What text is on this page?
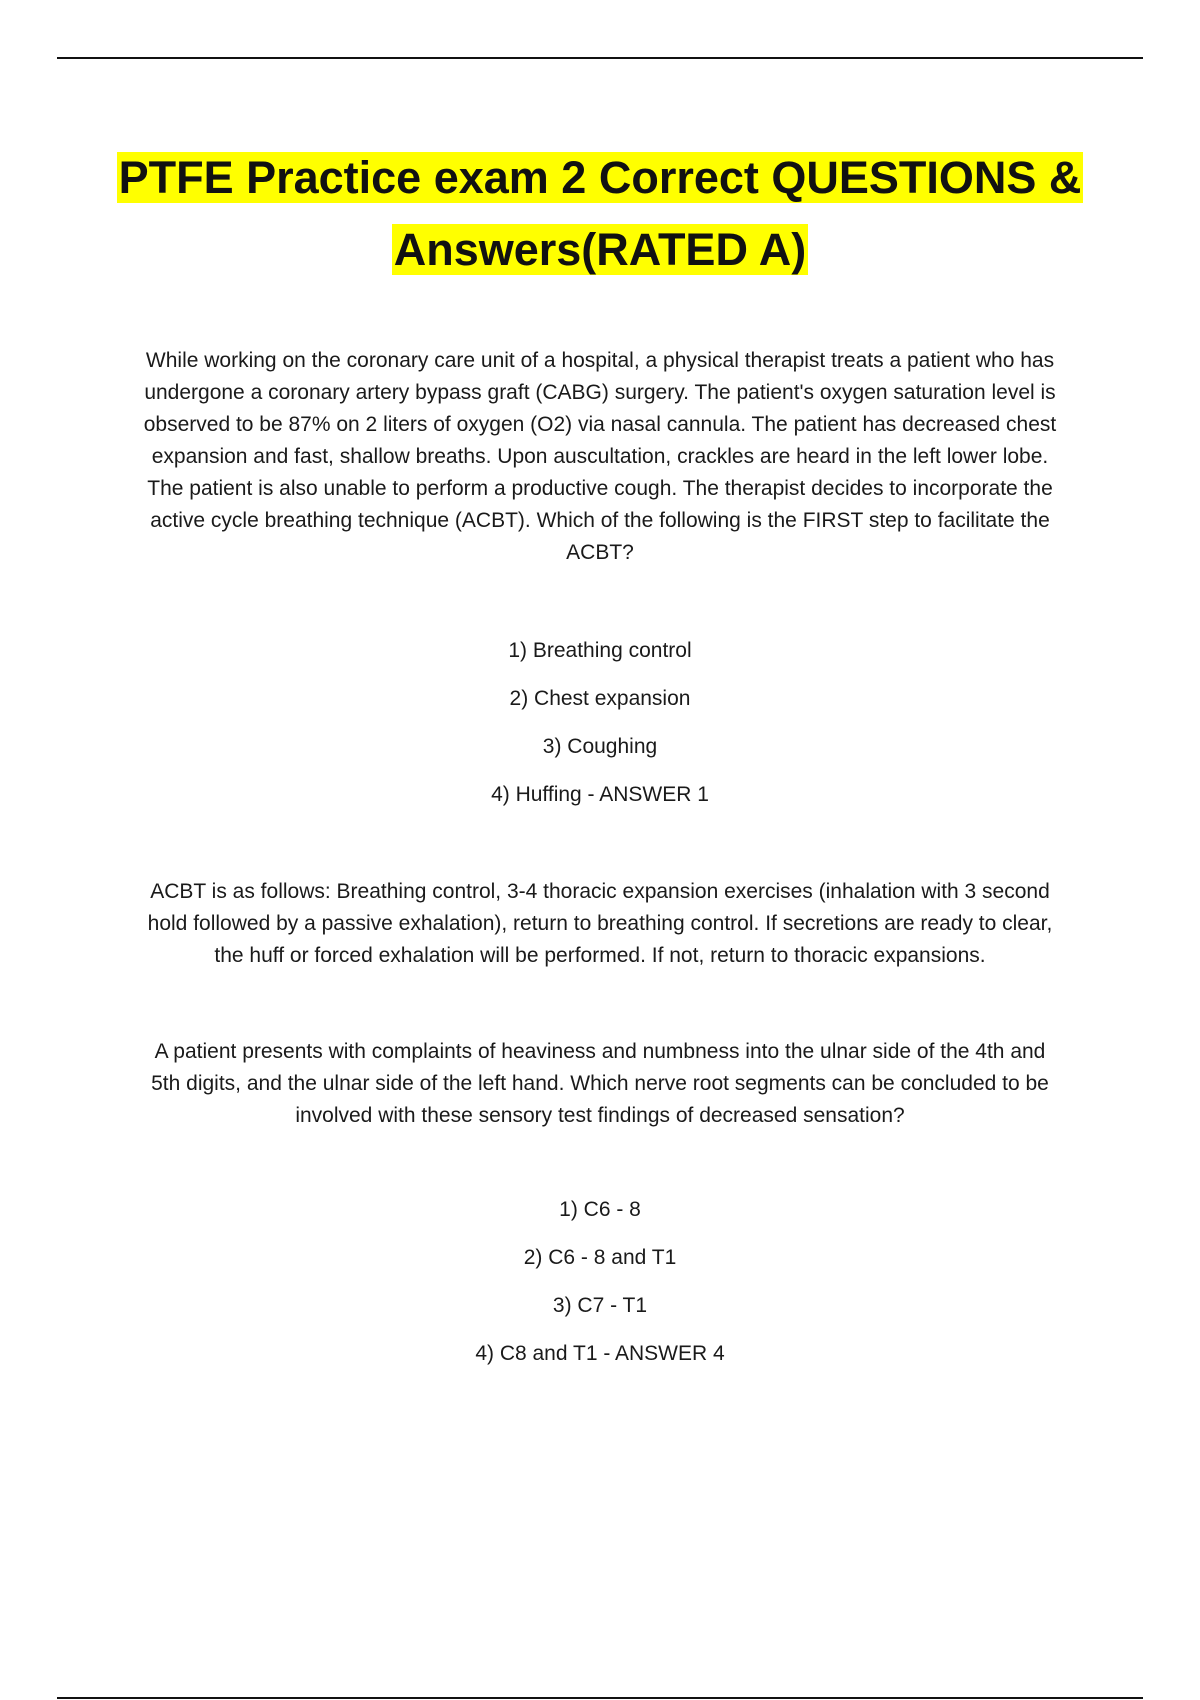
PTFE Practice exam 2 Correct QUESTIONS & Answers(RATED A)

While working on the coronary care unit of a hospital, a physical therapist treats a patient who has undergone a coronary artery bypass graft (CABG) surgery. The patient's oxygen saturation level is observed to be 87% on 2 liters of oxygen (O2) via nasal cannula. The patient has decreased chest expansion and fast, shallow breaths. Upon auscultation, crackles are heard in the left lower lobe. The patient is also unable to perform a productive cough. The therapist decides to incorporate the active cycle breathing technique (ACBT). Which of the following is the FIRST step to facilitate the ACBT?

1) Breathing control
2) Chest expansion
3) Coughing
4) Huffing - ANSWER 1

ACBT is as follows: Breathing control, 3-4 thoracic expansion exercises (inhalation with 3 second hold followed by a passive exhalation), return to breathing control. If secretions are ready to clear, the huff or forced exhalation will be performed. If not, return to thoracic expansions.

A patient presents with complaints of heaviness and numbness into the ulnar side of the 4th and 5th digits, and the ulnar side of the left hand. Which nerve root segments can be concluded to be involved with these sensory test findings of decreased sensation?

1) C6 - 8
2) C6 - 8 and T1
3) C7 - T1
4) C8 and T1 - ANSWER 4
